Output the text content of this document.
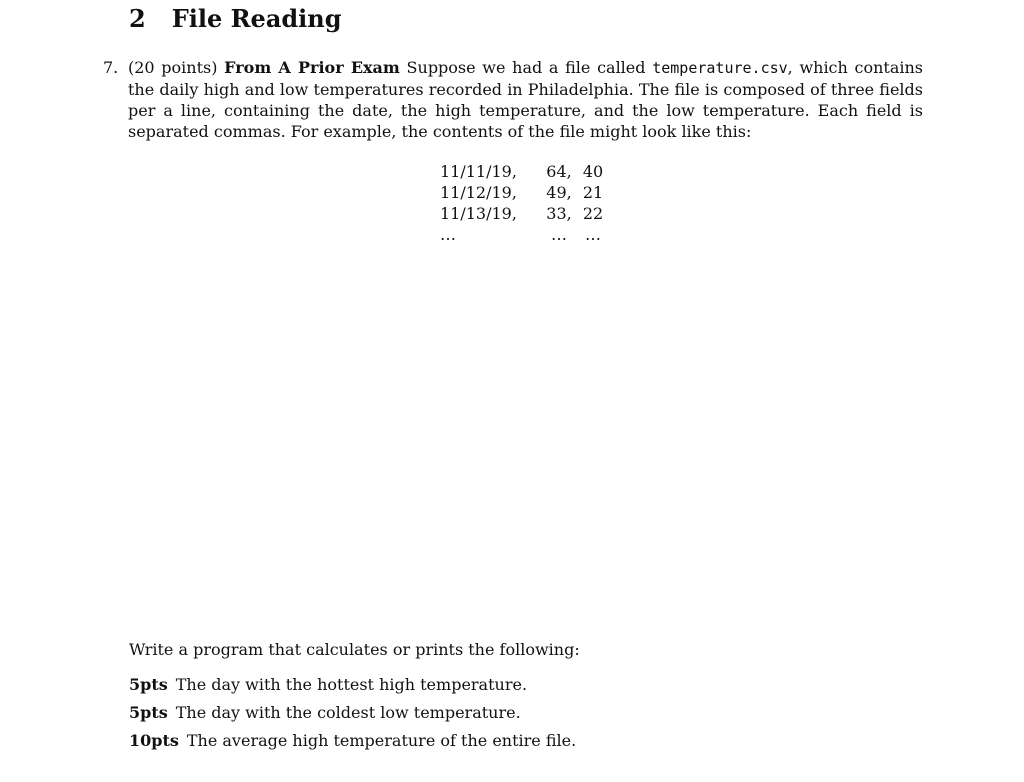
2 File Reading
7. (20 points) From A Prior Exam Suppose we had a file called temperature.csv, which contains the daily high and low temperatures recorded in Philadelphia. The file is composed of three fields per a line, containing the date, the high temperature, and the low temperature. Each field is separated commas. For example, the contents of the file might look like this:
11/11/19,	64,	40
11/12/19,	49,	21
11/13/19,	33,	22
…	…	…
Write a program that calculates or prints the following:
5pts The day with the hottest high temperature.
5pts The day with the coldest low temperature.
10pts The average high temperature of the entire file.
